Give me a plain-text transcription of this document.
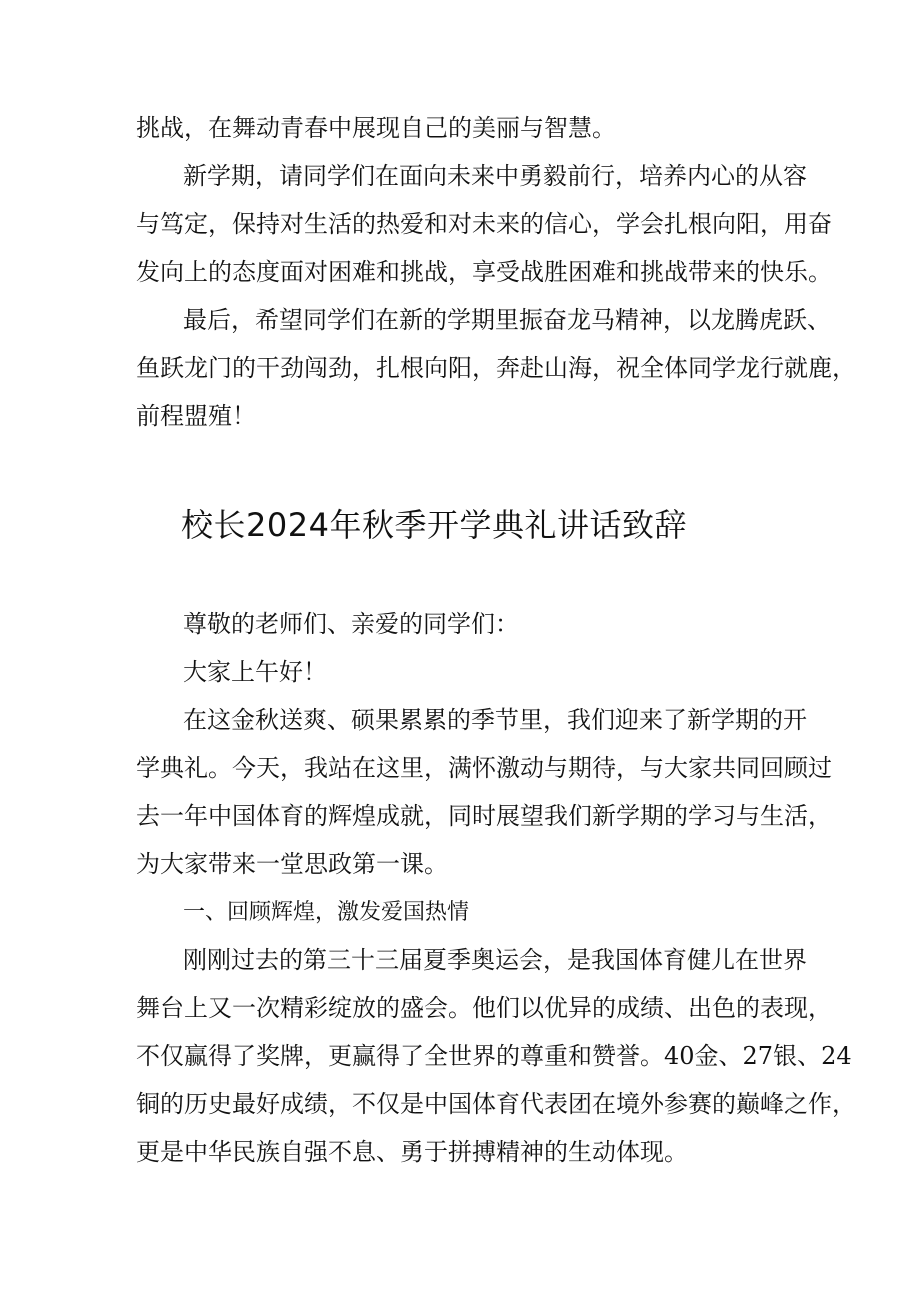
挑战，在舞动青春中展现自己的美丽与智慧。
新学期，请同学们在面向未来中勇毅前行，培养内心的从容
与笃定，保持对生活的热爱和对未来的信心，学会扎根向阳，用奋
发向上的态度面对困难和挑战，享受战胜困难和挑战带来的快乐。
最后，希望同学们在新的学期里振奋龙马精神，以龙腾虎跃、
鱼跃龙门的干劲闯劲，扎根向阳，奔赴山海，祝全体同学龙行就鹿，
前程盟殖！
校长2024年秋季开学典礼讲话致辞
尊敬的老师们、亲爱的同学们：
大家上午好！
在这金秋送爽、硕果累累的季节里，我们迎来了新学期的开
学典礼。今天，我站在这里，满怀激动与期待，与大家共同回顾过
去一年中国体育的辉煌成就，同时展望我们新学期的学习与生活，
为大家带来一堂思政第一课。
一、回顾辉煌，激发爱国热情
刚刚过去的第三十三届夏季奥运会，是我国体育健儿在世界
舞台上又一次精彩绽放的盛会。他们以优异的成绩、出色的表现，
不仅赢得了奖牌，更赢得了全世界的尊重和赞誉。40金、27银、24
铜的历史最好成绩，不仅是中国体育代表团在境外参赛的巅峰之作，
更是中华民族自强不息、勇于拼搏精神的生动体现。
